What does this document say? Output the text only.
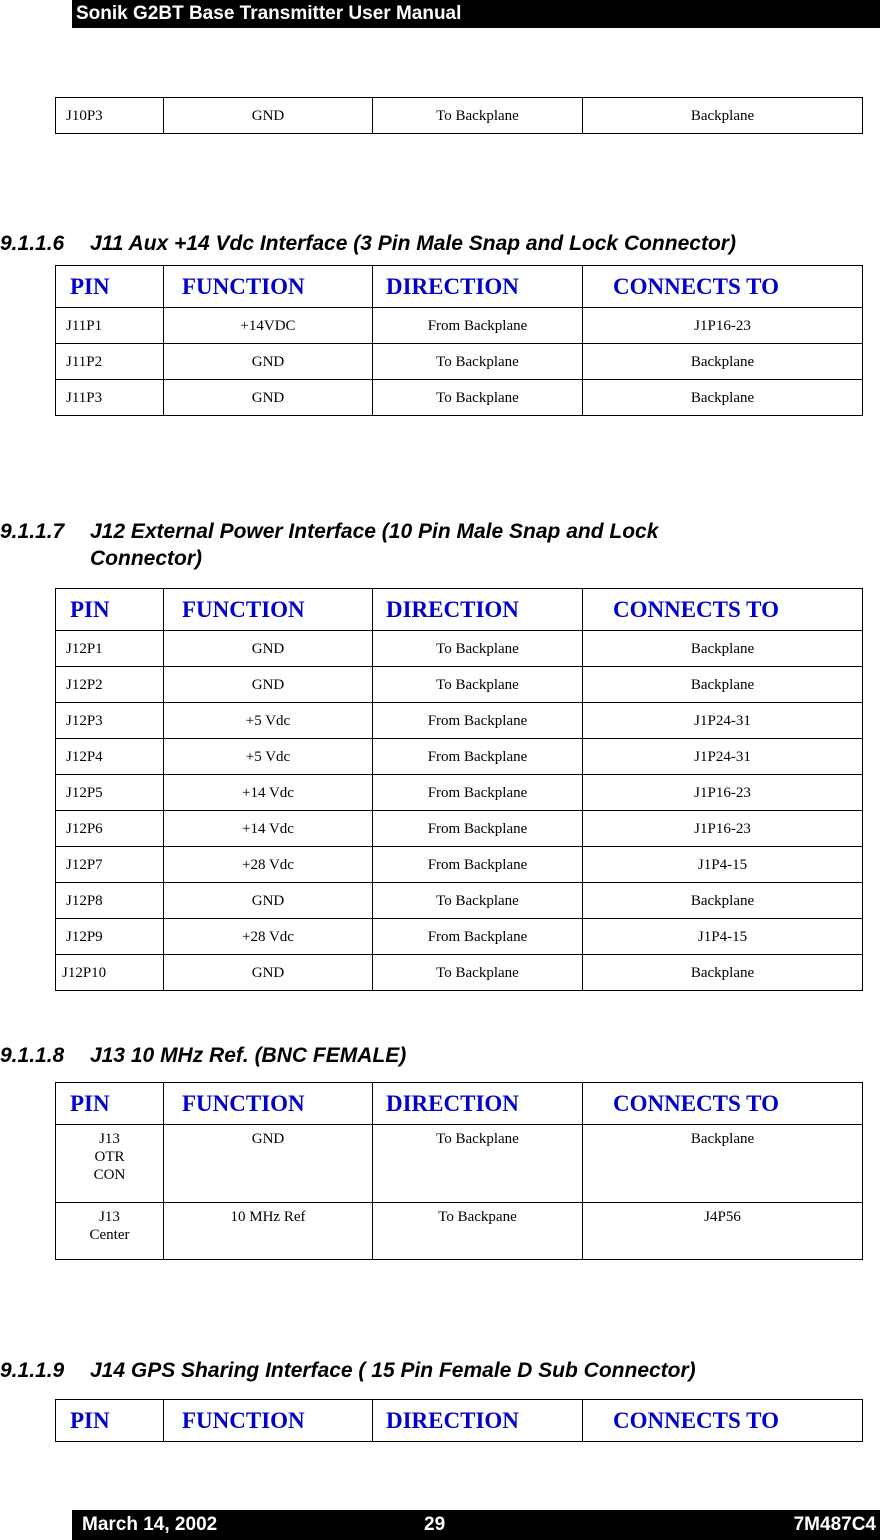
Sonik G2BT Base Transmitter User Manual
J10P3	GND	To Backplane	Backplane
9.1.1.6 J11 Aux +14 Vdc Interface (3 Pin Male Snap and Lock Connector)
PIN	FUNCTION	DIRECTION	CONNECTS TO
J11P1	+14VDC	From Backplane	J1P16-23
J11P2	GND	To Backplane	Backplane
J11P3	GND	To Backplane	Backplane
9.1.1.7 J12 External Power Interface (10 Pin Male Snap and Lock
Connector)
PIN	FUNCTION	DIRECTION	CONNECTS TO
J12P1	GND	To Backplane	Backplane
J12P2	GND	To Backplane	Backplane
J12P3	+5 Vdc	From Backplane	J1P24-31
J12P4	+5 Vdc	From Backplane	J1P24-31
J12P5	+14 Vdc	From Backplane	J1P16-23
J12P6	+14 Vdc	From Backplane	J1P16-23
J12P7	+28 Vdc	From Backplane	J1P4-15
J12P8	GND	To Backplane	Backplane
J12P9	+28 Vdc	From Backplane	J1P4-15
J12P10	GND	To Backplane	Backplane
9.1.1.8 J13 10 MHz Ref. (BNC FEMALE)
PIN	FUNCTION	DIRECTION	CONNECTS TO
J13
OTR
CON	GND	To Backplane	Backplane
J13
Center	10 MHz Ref	To Backpane	J4P56
9.1.1.9 J14 GPS Sharing Interface ( 15 Pin Female D Sub Connector)
PIN	FUNCTION	DIRECTION	CONNECTS TO
March 14, 2002	29	7M487C4
